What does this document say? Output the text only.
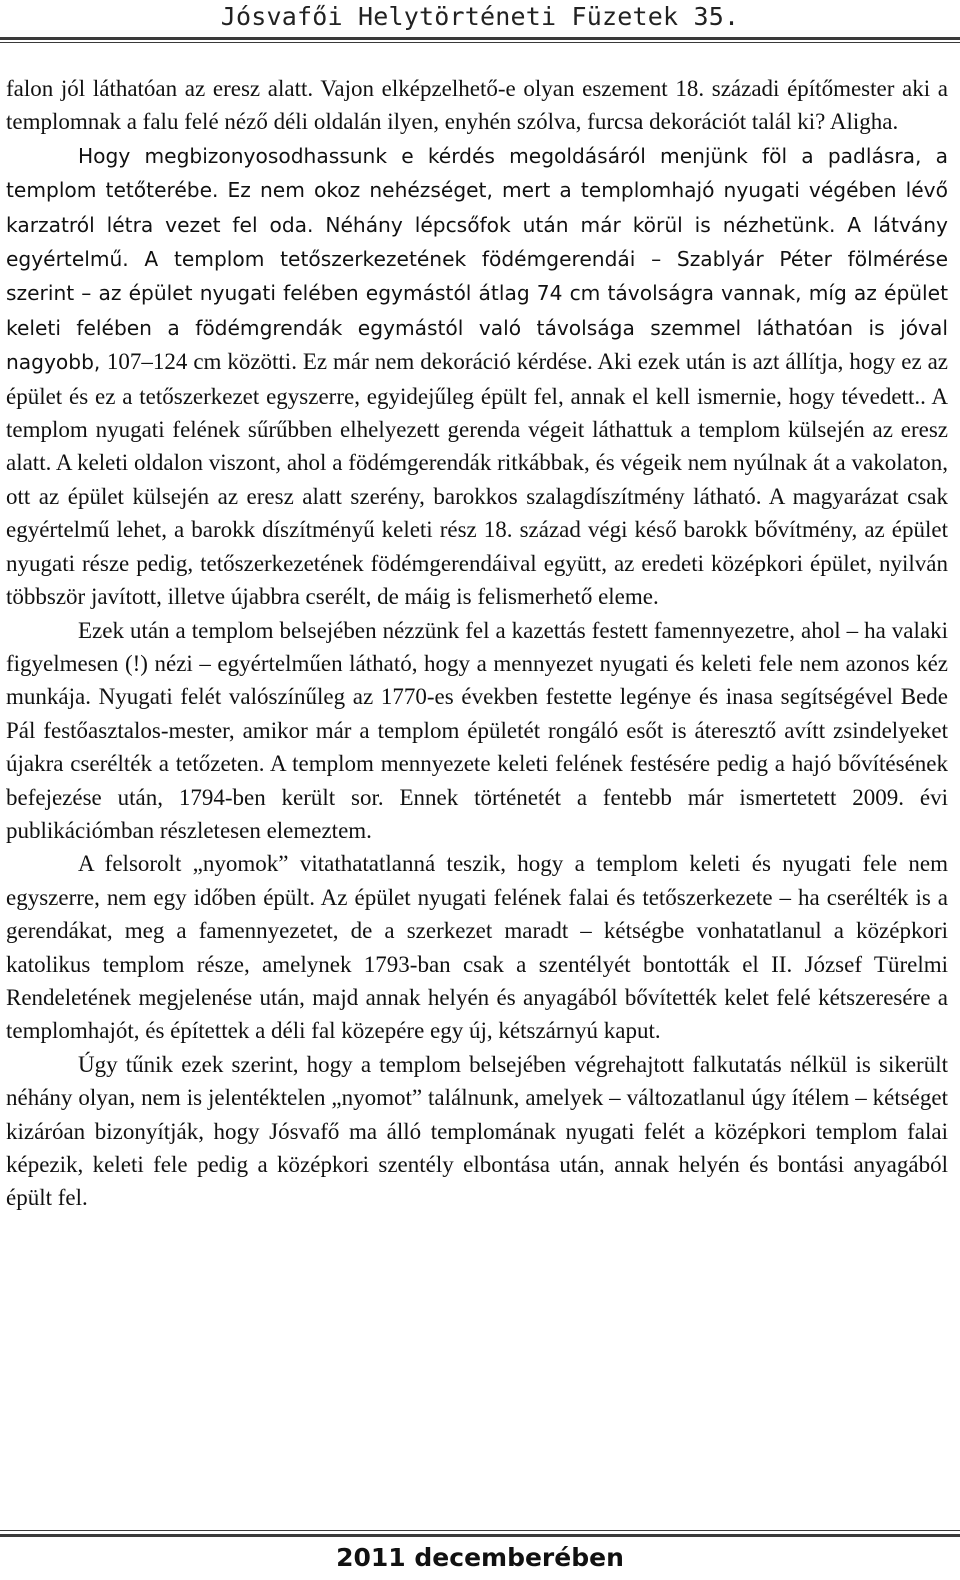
Jósvafői Helytörténeti Füzetek 35.

falon jól láthatóan az eresz alatt. Vajon elképzelhető-e olyan eszement 18. századi építőmester aki a templomnak a falu felé néző déli oldalán ilyen, enyhén szólva, furcsa dekorációt talál ki? Aligha.

Hogy megbizonyosodhassunk e kérdés megoldásáról menjünk föl a padlásra, a templom tetőterébe. Ez nem okoz nehézséget, mert a templomhajó nyugati végében lévő karzatról létra vezet fel oda. Néhány lépcsőfok után már körül is nézhetünk. A látvány egyértelmű. A templom tetőszerkezetének födémgerendái – Szablyár Péter fölmérése szerint – az épület nyugati felében egymástól átlag 74 cm távolságra vannak, míg az épület keleti felében a födémgrendák egymástól való távolsága szemmel láthatóan is jóval nagyobb, 107–124 cm közötti. Ez már nem dekoráció kérdése. Aki ezek után is azt állítja, hogy ez az épület és ez a tetőszerkezet egyszerre, egyidejűleg épült fel, annak el kell ismernie, hogy tévedett.. A templom nyugati felének sűrűbben elhelyezett gerenda végeit láthattuk a templom külsején az eresz alatt. A keleti oldalon viszont, ahol a födémgerendák ritkábbak, és végeik nem nyúlnak át a vakolaton, ott az épület külsején az eresz alatt szerény, barokkos szalagdíszítmény látható. A magyarázat csak egyértelmű lehet, a barokk díszítményű keleti rész 18. század végi késő barokk bővítmény, az épület nyugati része pedig, tetőszerkezetének födémgerendáival együtt, az eredeti középkori épület, nyilván többször javított, illetve újabbra cserélt, de máig is felismerhető eleme.

Ezek után a templom belsejében nézzünk fel a kazettás festett famennyezetre, ahol – ha valaki figyelmesen (!) nézi – egyértelműen látható, hogy a mennyezet nyugati és keleti fele nem azonos kéz munkája. Nyugati felét valószínűleg az 1770-es években festette legénye és inasa segítségével Bede Pál festőasztalos-mester, amikor már a templom épületét rongáló esőt is áteresztő avítt zsindelyeket újakra cserélték a tetőzeten. A templom mennyezete keleti felének festésére pedig a hajó bővítésének befejezése után, 1794-ben került sor. Ennek történetét a fentebb már ismertetett 2009. évi publikációmban részletesen elemeztem.

A felsorolt „nyomok” vitathatatlanná teszik, hogy a templom keleti és nyugati fele nem egyszerre, nem egy időben épült. Az épület nyugati felének falai és tetőszerkezete – ha cserélték is a gerendákat, meg a famennyezetet, de a szerkezet maradt – kétségbe vonhatatlanul a középkori katolikus templom része, amelynek 1793-ban csak a szentélyét bontották el II. József Türelmi Rendeletének megjelenése után, majd annak helyén és anyagából bővítették kelet felé kétszeresére a templomhajót, és építettek a déli fal közepére egy új, kétszárnyú kaput.

Úgy tűnik ezek szerint, hogy a templom belsejében végrehajtott falkutatás nélkül is sikerült néhány olyan, nem is jelentéktelen „nyomot” találnunk, amelyek – változatlanul úgy ítélem – kétséget kizáróan bizonyítják, hogy Jósvafő ma álló templomának nyugati felét a középkori templom falai képezik, keleti fele pedig a középkori szentély elbontása után, annak helyén és bontási anyagából épült fel.

2011 decemberében
